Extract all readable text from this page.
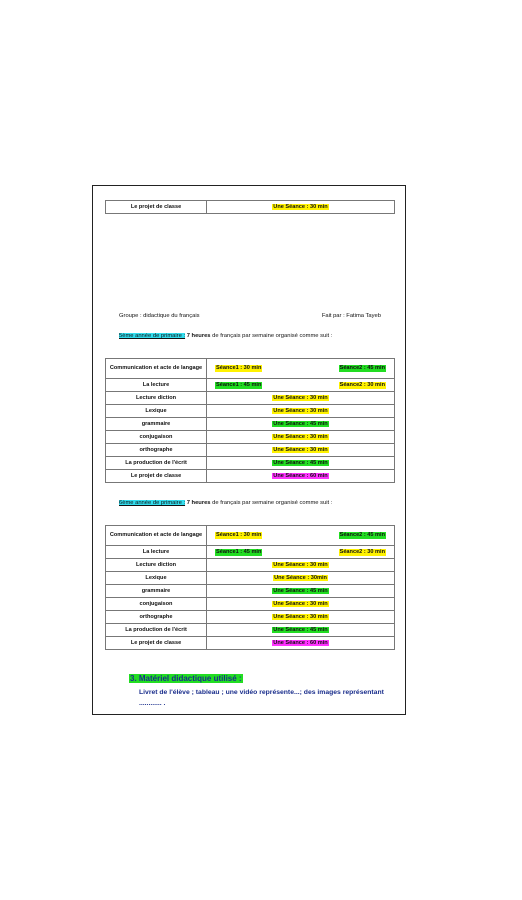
Le projet de classe	Une Séance : 30 min
Groupe : didactique du français	Fait par : Fatima Tayeb
5ème année de primaire : 7 heures de français par semaine organisé comme suit :
Communication et acte de langage	Séance1 : 30 min Séance2 : 45 min

La lecture	Séance1 : 45 min Séance2 : 30 min

Lecture diction	Une Séance : 30 min
Lexique	Une Séance : 30 min
grammaire	Une Séance : 45 min
conjugaison	Une Séance : 30 min
orthographe	Une Séance : 30 min
La production de l'écrit	Une Séance : 45 min
Le projet de classe	Une Séance : 60 min
6ème année de primaire : 7 heures de français par semaine organisé comme suit :
Communication et acte de langage	Séance1 : 30 min Séance2 : 45 min

La lecture	Séance1 : 45 min Séance2 : 30 min

Lecture diction	Une Séance : 30 min
Lexique	Une Séance : 30min
grammaire	Une Séance : 45 min
conjugaison	Une Séance : 30 min
orthographe	Une Séance : 30 min
La production de l'écrit	Une Séance : 45 min
Le projet de classe	Une Séance : 60 min
3. Matériel didactique utilisé :
Livret de l'élève ; tableau ; une vidéo représente...; des images représentant ............ .
